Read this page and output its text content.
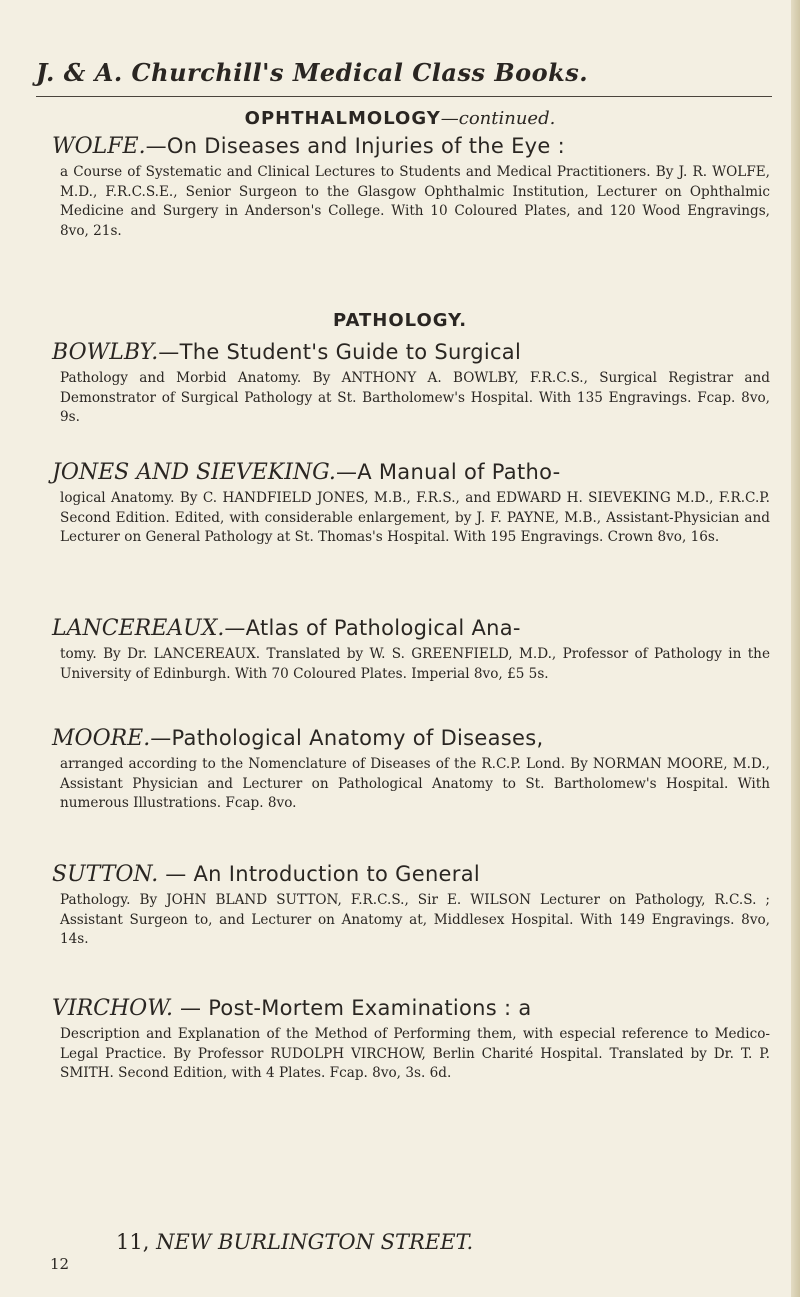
J. & A. Churchill's Medical Class Books.
OPHTHALMOLOGY—continued.
WOLFE.—On Diseases and Injuries of the Eye :
a Course of Systematic and Clinical Lectures to Students and Medical Practitioners. By J. R. WOLFE, M.D., F.R.C.S.E., Senior Surgeon to the Glasgow Ophthalmic Institution, Lecturer on Ophthalmic Medicine and Surgery in Anderson's College. With 10 Coloured Plates, and 120 Wood Engravings, 8vo, 21s.
PATHOLOGY.
BOWLBY.—The Student's Guide to Surgical
Pathology and Morbid Anatomy. By ANTHONY A. BOWLBY, F.R.C.S., Surgical Registrar and Demonstrator of Surgical Pathology at St. Bartholomew's Hospital. With 135 Engravings. Fcap. 8vo, 9s.
JONES AND SIEVEKING.—A Manual of Patho-
logical Anatomy. By C. HANDFIELD JONES, M.B., F.R.S., and EDWARD H. SIEVEKING M.D., F.R.C.P. Second Edition. Edited, with considerable enlargement, by J. F. PAYNE, M.B., Assistant-Physician and Lecturer on General Pathology at St. Thomas's Hospital. With 195 Engravings. Crown 8vo, 16s.
LANCEREAUX.—Atlas of Pathological Ana-
tomy. By Dr. LANCEREAUX. Translated by W. S. GREENFIELD, M.D., Professor of Pathology in the University of Edinburgh. With 70 Coloured Plates. Imperial 8vo, £5 5s.
MOORE.—Pathological Anatomy of Diseases,
arranged according to the Nomenclature of Diseases of the R.C.P. Lond. By NORMAN MOORE, M.D., Assistant Physician and Lecturer on Pathological Anatomy to St. Bartholomew's Hospital. With numerous Illustrations. Fcap. 8vo.
SUTTON. — An Introduction to General
Pathology. By JOHN BLAND SUTTON, F.R.C.S., Sir E. WILSON Lecturer on Pathology, R.C.S. ; Assistant Surgeon to, and Lecturer on Anatomy at, Middlesex Hospital. With 149 Engravings. 8vo, 14s.
VIRCHOW. — Post-Mortem Examinations : a
Description and Explanation of the Method of Performing them, with especial reference to Medico-Legal Practice. By Professor RUDOLPH VIRCHOW, Berlin Charité Hospital. Translated by Dr. T. P. SMITH. Second Edition, with 4 Plates. Fcap. 8vo, 3s. 6d.
11, NEW BURLINGTON STREET.
12
